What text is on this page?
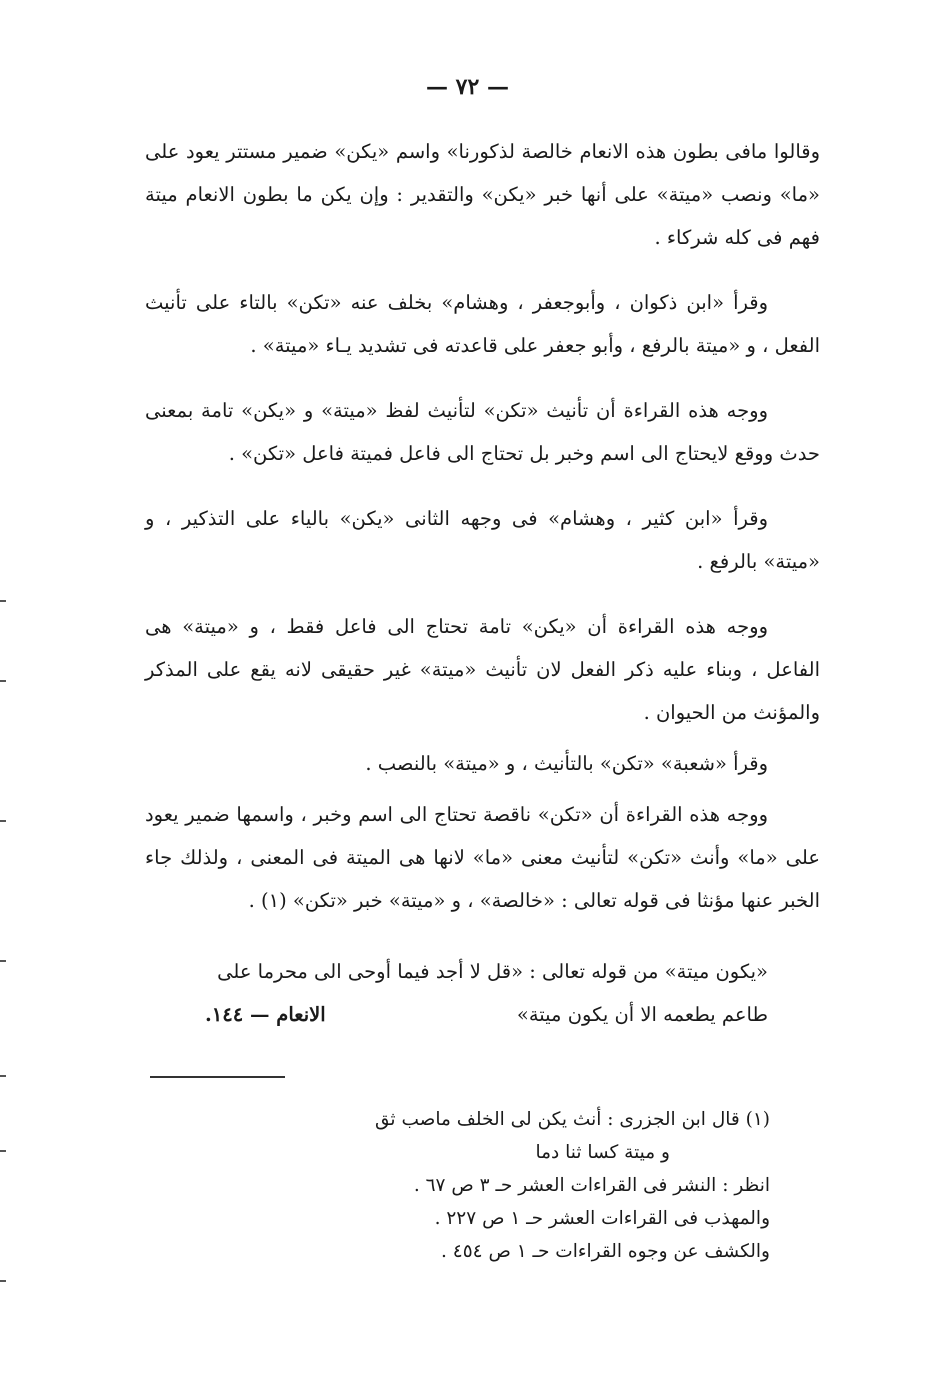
— ٧٢ —

وقالوا مافى بطون هذه الانعام خالصة لذكورنا» واسم «يكن» ضمير مستتر يعود على «ما» ونصب «ميتة» على أنها خبر «يكن» والتقدير : وإن يكن ما بطون الانعام ميتة فهم فى كله شركاء .

وقرأ «ابن ذكوان ، وأبوجعفر ، وهشام» بخلف عنه «تكن» بالتاء على تأنيث الفعل ، و «ميتة بالرفع ، وأبو جعفر على قاعدته فى تشديد يـاء «ميتة» .

ووجه هذه القراءة أن تأنيث «تكن» لتأنيث لفظ «ميتة» و «يكن» تامة بمعنى حدث ووقع لايحتاج الى اسم وخبر بل تحتاج الى فاعل فميتة فاعل «تكن» .

وقرأ «ابن كثير ، وهشام» فى وجهه الثانى «يكن» بالياء على التذكير ، و «ميتة» بالرفع .

ووجه هذه القراءة أن «يكن» تامة تحتاج الى فاعل فقط ، و «ميتة» هى الفاعل ، وبناء عليه ذكر الفعل لان تأنيث «ميتة» غير حقيقى لانه يقع على المذكر والمؤنث من الحيوان .

وقرأ «شعبة» «تكن» بالتأنيث ، و «ميتة» بالنصب .

ووجه هذه القراءة أن «تكن» ناقصة تحتاج الى اسم وخبر ، واسمها ضمير يعود على «ما» وأنث «تكن» لتأنيث معنى «ما» لانها هى الميتة فى المعنى ، ولذلك جاء الخبر عنها مؤنثا فى قوله تعالى : «خالصة» ، و «ميتة» خبر «تكن» (١) .

«يكون ميتة» من قوله تعالى : «قل لا أجد فيما أوحى الى محرما على
طاعم يطعمه الا أن يكون ميتة»
الانعام — ١٤٤.

(١) قال ابن الجزرى : أنث يكن لى الخلف ماصب ثق

و ميتة كسا ثنا دما

انظر : النشر فى القراءات العشر حـ ٣ ص ٦٧ .

والمهذب فى القراءات العشر حـ ١ ص ٢٢٧ .

والكشف عن وجوه القراءات حـ ١ ص ٤٥٤ .
